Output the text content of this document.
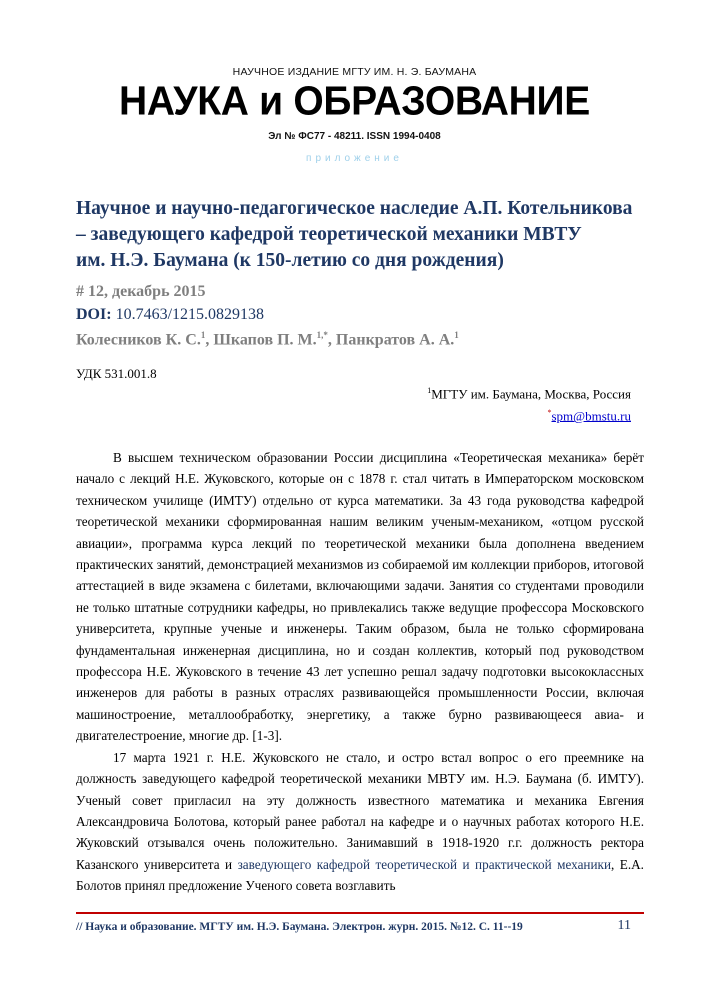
НАУЧНОЕ ИЗДАНИЕ МГТУ ИМ. Н. Э. БАУМАНА
НАУКА и ОБРАЗОВАНИЕ
Эл № ФС77 - 48211. ISSN 1994-0408
приложение
Научное и научно-педагогическое наследие А.П. Котельникова
– заведующего кафедрой теоретической механики МВТУ
им. Н.Э. Баумана (к 150-летию со дня рождения)
# 12, декабрь 2015
DOI: 10.7463/1215.0829138
Колесников К. С.$^1$, Шкапов П. М.$^{1,*}$, Панкратов А. А.$^1$
УДК 531.001.8
$^1$МГТУ им. Баумана, Москва, Россия
*spm@bmstu.ru

В высшем техническом образовании России дисциплина «Теоретическая механика» берёт начало с лекций Н.Е. Жуковского, которые он с 1878 г. стал читать в Императорском московском техническом училище (ИМТУ) отдельно от курса математики. За 43 года руководства кафедрой теоретической механики сформированная нашим великим ученым-механиком, «отцом русской авиации», программа курса лекций по теоретической механики была дополнена введением практических занятий, демонстрацией механизмов из собираемой им коллекции приборов, итоговой аттестацией в виде экзамена с билетами, включающими задачи. Занятия со студентами проводили не только штатные сотрудники кафедры, но привлекались также ведущие профессора Московского университета, крупные ученые и инженеры. Таким образом, была не только сформирована фундаментальная инженерная дисциплина, но и создан коллектив, который под руководством профессора Н.Е. Жуковского в течение 43 лет успешно решал задачу подготовки высококлассных инженеров для работы в разных отраслях развивающейся промышленности России, включая машиностроение, металлообработку, энергетику, а также бурно развивающееся авиа- и двигателестроение, многие др. [1-3].

17 марта 1921 г. Н.Е. Жуковского не стало, и остро встал вопрос о его преемнике на должность заведующего кафедрой теоретической механики МВТУ им. Н.Э. Баумана (б. ИМТУ). Ученый совет пригласил на эту должность известного математика и механика Евгения Александровича Болотова, который ранее работал на кафедре и о научных работах которого Н.Е. Жуковский отзывался очень положительно. Занимавший в 1918-1920 г.г. должность ректора Казанского университета и заведующего кафедрой теоретической и практической механики, Е.А. Болотов принял предложение Ученого совета возглавить

// Наука и образование. МГТУ им. Н.Э. Баумана. Электрон. журн. 2015. №12. С. 11--19	11
